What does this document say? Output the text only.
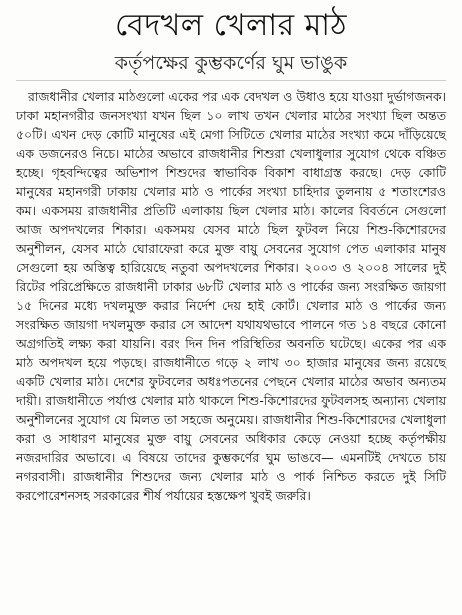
বেদখল খেলার মাঠ
কর্তৃপক্ষের কুম্ভকর্ণের ঘুম ভাঙুক

রাজধানীর খেলার মাঠগুলো একের পর এক বেদখল ও উধাও হয়ে যাওয়া দুর্ভাগজনক। ঢাকা মহানগরীর জনসংখ্যা যখন ছিল ১০ লাখ তখন খেলার মাঠের সংখ্যা ছিল অন্তত ৫০টি। এখন দেড় কোটি মানুষের এই মেগা সিটিতে খেলার মাঠের সংখ্যা কমে দাঁড়িয়েছে এক ডজনেরও নিচে। মাঠের অভাবে রাজধানীর শিশুরা খেলাধুলার সুযোগ থেকে বঞ্চিত হচ্ছে। গৃহবন্দিত্বের অভিশাপ শিশুদের স্বাভাবিক বিকাশ বাধাগ্রস্ত করছে। দেড় কোটি মানুষের মহানগরী ঢাকায় খেলার মাঠ ও পার্কের সংখ্যা চাহিদার তুলনায় ৫ শতাংশেরও কম। একসময় রাজধানীর প্রতিটি এলাকায় ছিল খেলার মাঠ। কালের বিবর্তনে সেগুলো আজ অপদখলের শিকার। একসময় যেসব মাঠে ছিল ফুটবল নিয়ে শিশু-কিশোরদের অনুশীলন, যেসব মাঠে ঘোরাফেরা করে মুক্ত বায়ু সেবনের সুযোগ পেত এলাকার মানুষ সেগুলো হয় অস্তিত্ব হারিয়েছে নতুবা অপদখলের শিকার। ২০০৩ ও ২০০৪ সালের দুই রিটের পরিপ্রেক্ষিতে রাজধানী ঢাকার ৬৮টি খেলার মাঠ ও পার্কের জন্য সংরক্ষিত জায়গা ১৫ দিনের মধ্যে দখলমুক্ত করার নির্দেশ দেয় হাই কোর্ট। খেলার মাঠ ও পার্কের জন্য সংরক্ষিত জায়গা দখলমুক্ত করার সে আদেশ যথাযথভাবে পালনে গত ১৪ বছরে কোনো অগ্রগতিই লক্ষ্য করা যায়নি। বরং দিন দিন পরিস্থিতির অবনতি ঘটেছে। একের পর এক মাঠ অপদখল হয়ে পড়ছে। রাজধানীতে গড়ে ২ লাখ ৩০ হাজার মানুষের জন্য রয়েছে একটি খেলার মাঠ। দেশের ফুটবলের অধঃপতনের পেছনে খেলার মাঠের অভাব অন্যতম দায়ী। রাজধানীতে পর্যাপ্ত খেলার মাঠ থাকলে শিশু-কিশোরদের ফুটবলসহ অন্যান্য খেলায় অনুশীলনের সুযোগ যে মিলত তা সহজে অনুমেয়। রাজধানীর শিশু-কিশোরদের খেলাধুলা করা ও সাধারণ মানুষের মুক্ত বায়ু সেবনের অধিকার কেড়ে নেওয়া হচ্ছে কর্তৃপক্ষীয় নজরদারির অভাবে। এ বিষয়ে তাদের কুম্ভকর্ণের ঘুম ভাঙবে— এমনটিই দেখতে চায় নগরবাসী। রাজধানীর শিশুদের জন্য খেলার মাঠ ও পার্ক নিশ্চিত করতে দুই সিটি করপোরেশনসহ সরকারের শীর্ষ পর্যায়ের হস্তক্ষেপ খুবই জরুরি।
